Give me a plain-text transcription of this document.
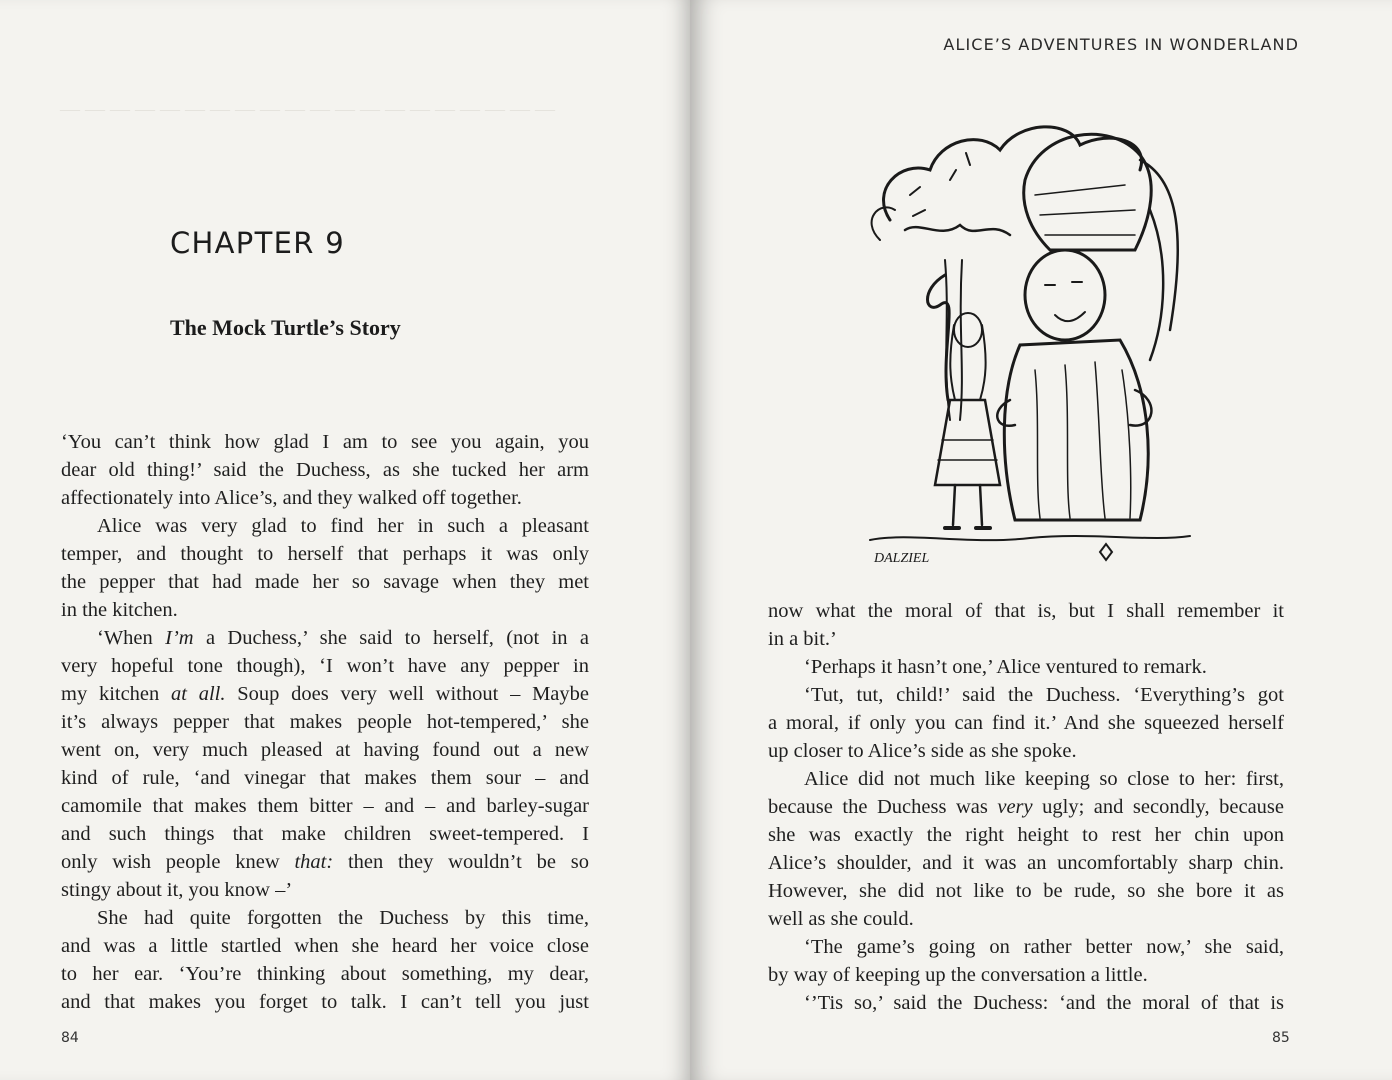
― ― ― ― ― ― ― ― ― ― ― ― ― ― ― ― ― ― ― ―
CHAPTER 9
The Mock Turtle’s Story

‘You can’t think how glad I am to see you again, you

dear old thing!’ said the Duchess, as she tucked her arm

affectionately into Alice’s, and they walked off together.

Alice was very glad to find her in such a pleasant

temper, and thought to herself that perhaps it was only

the pepper that had made her so savage when they met

in the kitchen.

‘When I’m a Duchess,’ she said to herself, (not in a

very hopeful tone though), ‘I won’t have any pepper in

my kitchen at all. Soup does very well without – Maybe

it’s always pepper that makes people hot-tempered,’ she

went on, very much pleased at having found out a new

kind of rule, ‘and vinegar that makes them sour – and

camomile that makes them bitter – and – and barley-sugar

and such things that make children sweet-tempered. I

only wish people knew that: then they wouldn’t be so

stingy about it, you know –’

She had quite forgotten the Duchess by this time,

and was a little startled when she heard her voice close

to her ear. ‘You’re thinking about something, my dear,

and that makes you forget to talk. I can’t tell you just

84

ALICE’S ADVENTURES IN WONDERLAND

DALZIEL

now what the moral of that is, but I shall remember it

in a bit.’

‘Perhaps it hasn’t one,’ Alice ventured to remark.

‘Tut, tut, child!’ said the Duchess. ‘Everything’s got

a moral, if only you can find it.’ And she squeezed herself

up closer to Alice’s side as she spoke.

Alice did not much like keeping so close to her: first,

because the Duchess was very ugly; and secondly, because

she was exactly the right height to rest her chin upon

Alice’s shoulder, and it was an uncomfortably sharp chin.

However, she did not like to be rude, so she bore it as

well as she could.

‘The game’s going on rather better now,’ she said,

by way of keeping up the conversation a little.

‘’Tis so,’ said the Duchess: ‘and the moral of that is

85
